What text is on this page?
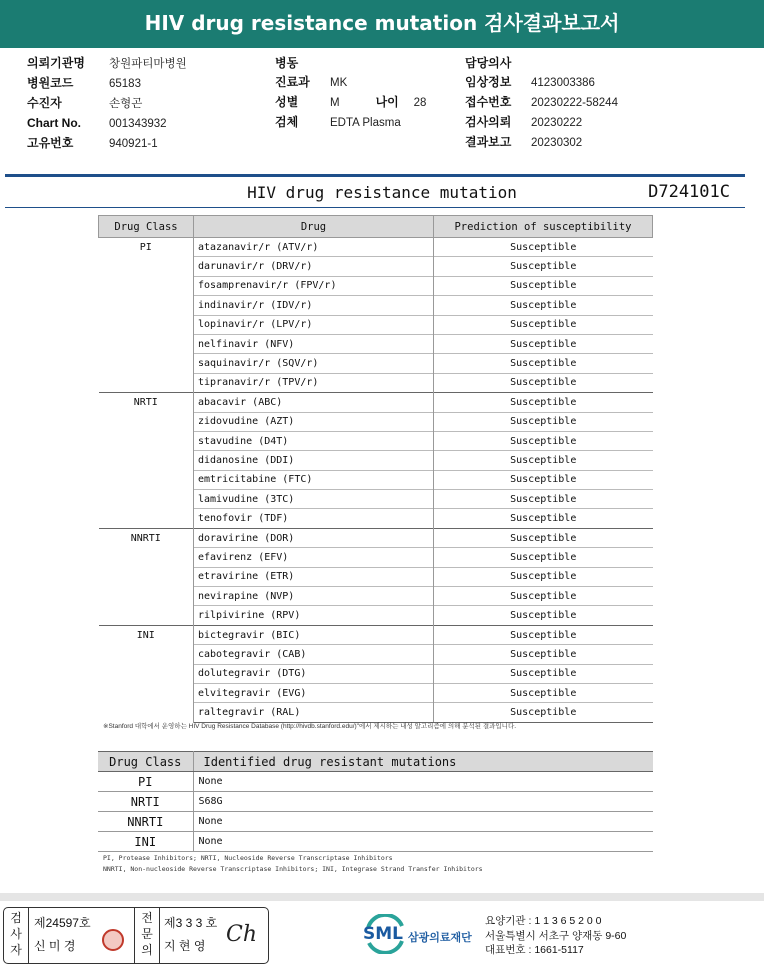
HIV drug resistance mutation 검사결과보고서
의뢰기관명 창원파티마병원
병원코드	65183
수진자	손형곤
Chart No. 001343932
고유번호	940921-1
병동
진료과 MK
성별	M	나이 28
검체	EDTA Plasma
담당의사
임상정보 4123003386
접수번호 20230222-58244
검사의뢰 20230222
결과보고 20230302
HIV drug resistance mutation	D724101C
Drug Class	Drug	Prediction of susceptibility
PI	atazanavir/r (ATV/r)	Susceptible
	darunavir/r (DRV/r)	Susceptible
	fosamprenavir/r (FPV/r)	Susceptible
	indinavir/r (IDV/r)	Susceptible
	lopinavir/r (LPV/r)	Susceptible
	nelfinavir (NFV)	Susceptible
	saquinavir/r (SQV/r)	Susceptible
	tipranavir/r (TPV/r)	Susceptible
NRTI	abacavir (ABC)	Susceptible
	zidovudine (AZT)	Susceptible
	stavudine (D4T)	Susceptible
	didanosine (DDI)	Susceptible
	emtricitabine (FTC)	Susceptible
	lamivudine (3TC)	Susceptible
	tenofovir (TDF)	Susceptible
NNRTI	doravirine (DOR)	Susceptible
	efavirenz (EFV)	Susceptible
	etravirine (ETR)	Susceptible
	nevirapine (NVP)	Susceptible
	rilpivirine (RPV)	Susceptible
INI	bictegravir (BIC)	Susceptible
	cabotegravir (CAB)	Susceptible
	dolutegravir (DTG)	Susceptible
	elvitegravir (EVG)	Susceptible
	raltegravir (RAL)	Susceptible
※Stanford 대학에서 운영하는 HIV Drug Resistance Database (http://hivdb.stanford.edu/)"에서 제시하는 내성 알고리즘에 의해 분석된 결과입니다.
Drug Class	Identified drug resistant mutations
PI	None
NRTI	S68G
NNRTI	None
INI	None
PI, Protease Inhibitors; NRTI, Nucleoside Reverse Transcriptase Inhibitors
NNRTI, Non-nucleoside Reverse Transcriptase Inhibitors; INI, Integrase Strand Transfer Inhibitors
검
사
자
제24597호
신 미 경
전
문
의
제3 3 3 호
지 현 영 Ch	SML 삼광의료재단
요양기관 : 1 1 3 6 5 2 0 0
서울특별시 서초구 양재동 9-60
대표번호 : 1661-5117
